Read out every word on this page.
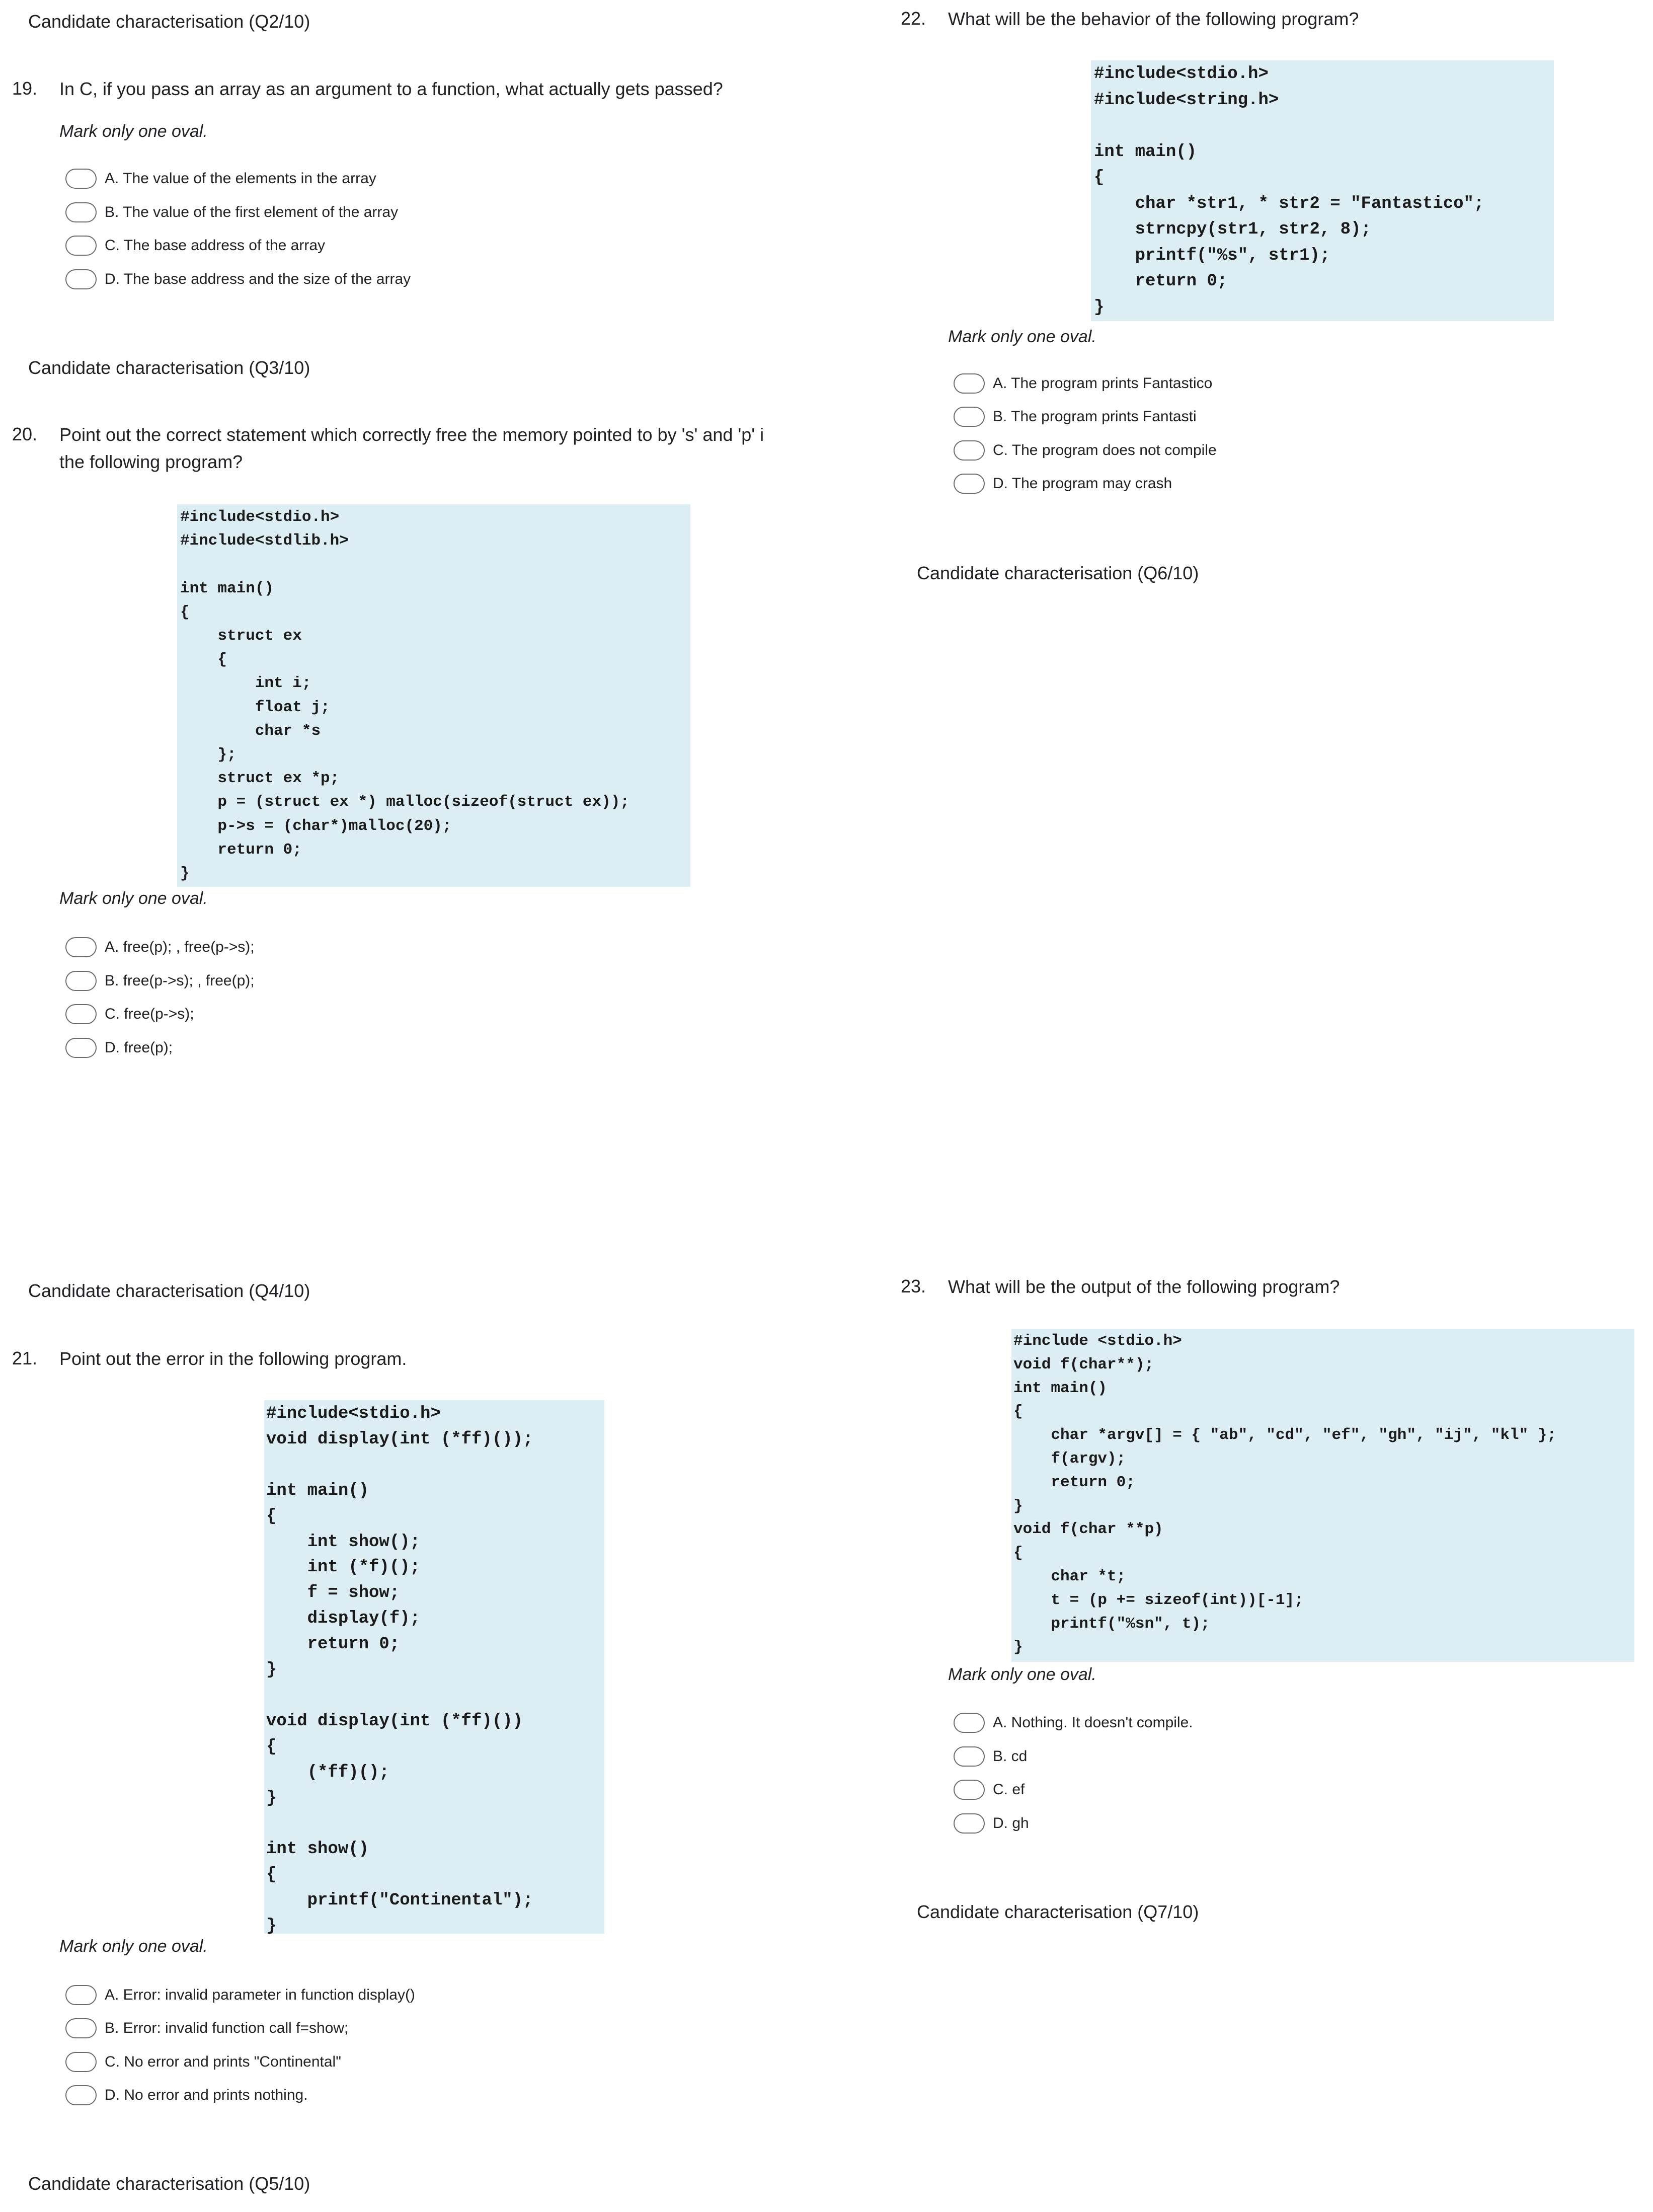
Candidate characterisation (Q2/10)
19. In C, if you pass an array as an argument to a function, what actually gets passed?
Mark only one oval.
A. The value of the elements in the array
B. The value of the first element of the array
C. The base address of the array
D. The base address and the size of the array
Candidate characterisation (Q3/10)
20. Point out the correct statement which correctly free the memory pointed to by 's' and 'p' i
the following program?
#include<stdio.h>
#include<stdlib.h>

int main()
{
struct ex
{
int i;
float j;
char *s
};
struct ex *p;
p = (struct ex *) malloc(sizeof(struct ex));
p->s = (char*)malloc(20);
return 0;
}
Mark only one oval.
A. free(p); , free(p->s);
B. free(p->s); , free(p);
C. free(p->s);
D. free(p);
Candidate characterisation (Q4/10)
21. Point out the error in the following program.
#include<stdio.h>
void display(int (*ff)());

int main()
{
int show();
int (*f)();
f = show;
display(f);
return 0;
}

void display(int (*ff)())
{
(*ff)();
}

int show()
{
printf("Continental");
}
Mark only one oval.
A. Error: invalid parameter in function display()
B. Error: invalid function call f=show;
C. No error and prints "Continental"
D. No error and prints nothing.
Candidate characterisation (Q5/10)
22. What will be the behavior of the following program?
#include<stdio.h>
#include<string.h>

int main()
{
char *str1, * str2 = "Fantastico";
strncpy(str1, str2, 8);
printf("%s", str1);
return 0;
}
Mark only one oval.
A. The program prints Fantastico
B. The program prints Fantasti
C. The program does not compile
D. The program may crash
Candidate characterisation (Q6/10)
23. What will be the output of the following program?
#include <stdio.h>
void f(char**);
int main()
{
char *argv[] = { "ab", "cd", "ef", "gh", "ij", "kl" };
f(argv);
return 0;
}
void f(char **p)
{
char *t;
t = (p += sizeof(int))[-1];
printf("%sn", t);
}
Mark only one oval.
A. Nothing. It doesn't compile.
B. cd
C. ef
D. gh
Candidate characterisation (Q7/10)
